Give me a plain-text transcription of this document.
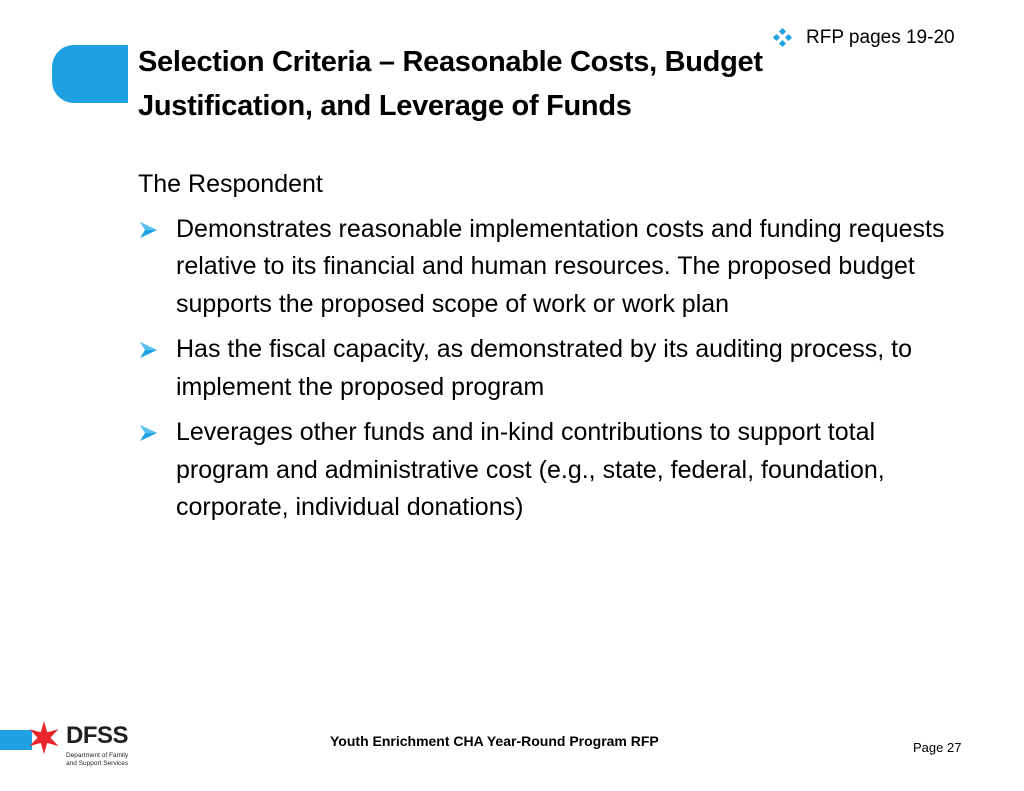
RFP pages 19-20
Selection Criteria – Reasonable Costs, Budget
Justification, and Leverage of Funds

The Respondent

Demonstrates reasonable implementation costs and funding requests relative to its financial and human resources. The proposed budget supports the proposed scope of work or work plan
Has the fiscal capacity, as demonstrated by its auditing process, to implement the proposed program
Leverages other funds and in-kind contributions to support total program and administrative cost (e.g., state, federal, foundation, corporate, individual donations)
DFSS
Department of Family
and Support Services
Youth Enrichment CHA Year-Round Program RFP	Page 27
